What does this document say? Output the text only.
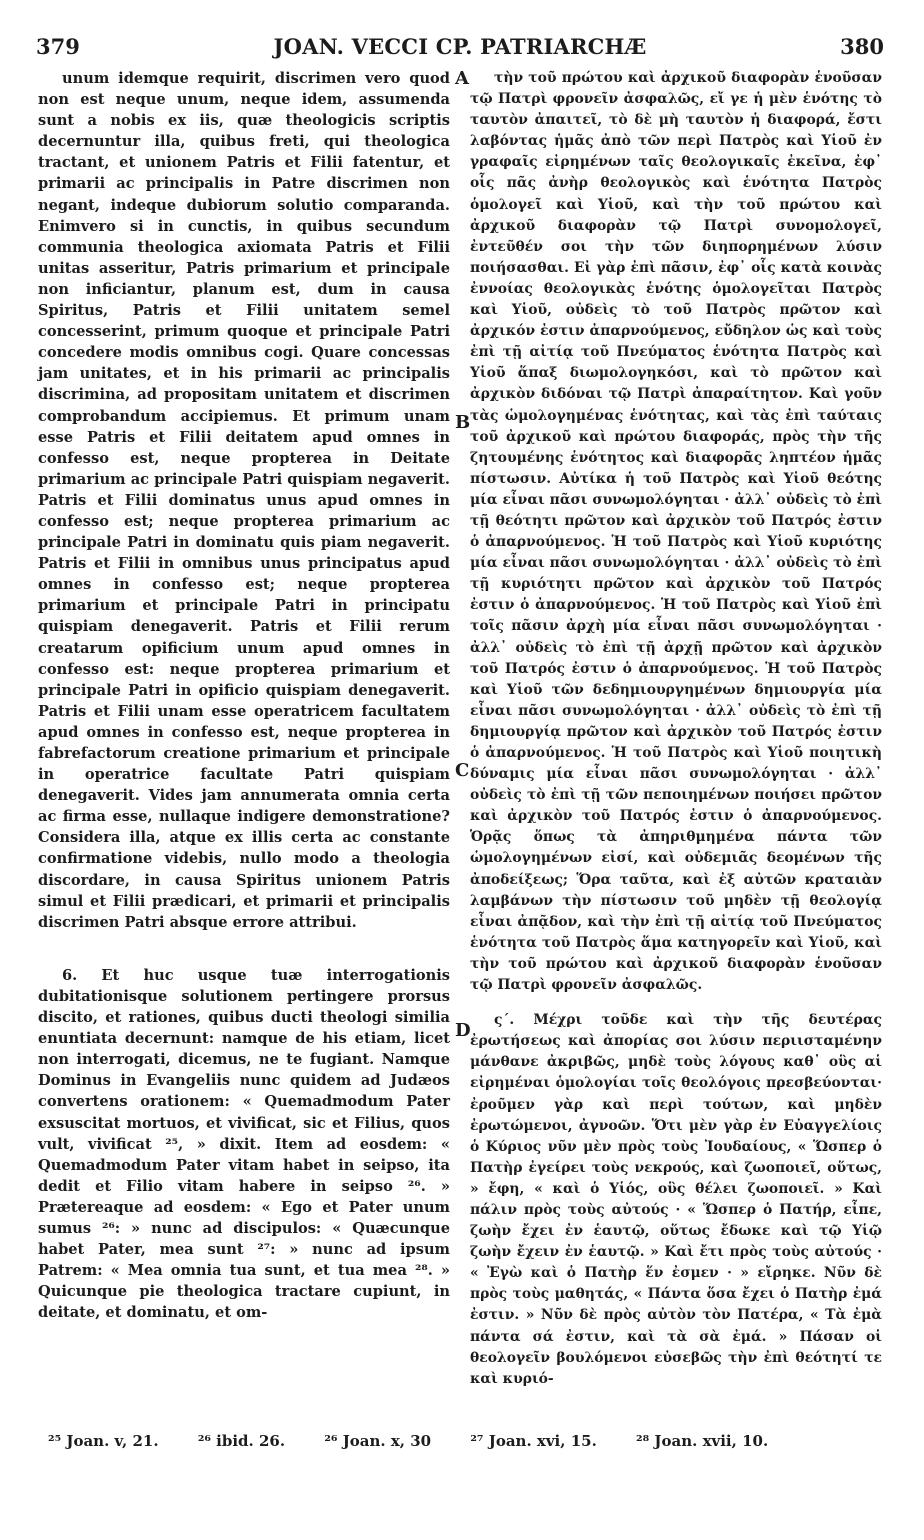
379	JOAN. VECCI CP. PATRIARCHÆ	380

unum idemque requirit, discrimen vero quod non est neque unum, neque idem, assumenda sunt a nobis ex iis, quæ theologicis scriptis decernuntur illa, quibus freti, qui theologica tractant, et unionem Patris et Filii fatentur, et primarii ac principalis in Patre discrimen non negant, indeque dubiorum solutio comparanda. Enimvero si in cunctis, in quibus secundum communia theologica axiomata Patris et Filii unitas asseritur, Patris primarium et principale non inficiantur, planum est, dum in causa Spiritus, Patris et Filii unitatem semel concesserint, primum quoque et principale Patri concedere modis omnibus cogi. Quare concessas jam unitates, et in his primarii ac principalis discrimina, ad propositam unitatem et discrimen comprobandum accipiemus. Et primum unam esse Patris et Filii deitatem apud omnes in confesso est, neque propterea in Deitate primarium ac principale Patri quispiam negaverit. Patris et Filii dominatus unus apud omnes in confesso est; neque propterea primarium ac principale Patri in dominatu quis piam negaverit. Patris et Filii in omnibus unus principatus apud omnes in confesso est; neque propterea primarium et principale Patri in principatu quispiam denegaverit. Patris et Filii rerum creatarum opificium unum apud omnes in confesso est: neque propterea primarium et principale Patri in opificio quispiam denegaverit. Patris et Filii unam esse operatricem facultatem apud omnes in confesso est, neque propterea in fabrefactorum creatione primarium et principale in operatrice facultate Patri quispiam denegaverit. Vides jam annumerata omnia certa ac firma esse, nullaque indigere demonstratione? Considera illa, atque ex illis certa ac constante confirmatione videbis, nullo modo a theologia discordare, in causa Spiritus unionem Patris simul et Filii prædicari, et primarii et principalis discrimen Patri absque errore attribui.

6. Et huc usque tuæ interrogationis dubitationisque solutionem pertingere prorsus discito, et rationes, quibus ducti theologi similia enuntiata decernunt: namque de his etiam, licet non interrogati, dicemus, ne te fugiant. Namque Dominus in Evangeliis nunc quidem ad Judæos convertens orationem: « Quemadmodum Pater exsuscitat mortuos, et vivificat, sic et Filius, quos vult, vivificat ²⁵, » dixit. Item ad eosdem: « Quemadmodum Pater vitam habet in seipso, ita dedit et Filio vitam habere in seipso ²⁶. » Prætereaque ad eosdem: « Ego et Pater unum sumus ²⁶: » nunc ad discipulos: « Quæcunque habet Pater, mea sunt ²⁷: » nunc ad ipsum Patrem: « Mea omnia tua sunt, et tua mea ²⁸. » Quicunque pie theologica tractare cupiunt, in deitate, et dominatu, et om-

A
B
C
D

τὴν τοῦ πρώτου καὶ ἀρχικοῦ διαφορὰν ἑνοῦσαν τῷ Πατρὶ φρονεῖν ἀσφαλῶς, εἴ γε ἡ μὲν ἑνότης τὸ ταυτὸν ἀπαιτεῖ, τὸ δὲ μὴ ταυτὸν ἡ διαφορά, ἔστι λαβόντας ἡμᾶς ἀπὸ τῶν περὶ Πατρὸς καὶ Υἱοῦ ἐν γραφαῖς εἰρημένων ταῖς θεολογικαῖς ἐκεῖνα, ἐφ᾽ οἷς πᾶς ἀνὴρ θεολογικὸς καὶ ἑνότητα Πατρὸς ὁμολογεῖ καὶ Υἱοῦ, καὶ τὴν τοῦ πρώτου καὶ ἀρχικοῦ διαφορὰν τῷ Πατρὶ συνομολογεῖ, ἐντεῦθέν σοι τὴν τῶν διηπορημένων λύσιν ποιήσασθαι. Εἰ γὰρ ἐπὶ πᾶσιν, ἐφ᾽ οἷς κατὰ κοινὰς ἐννοίας θεολογικὰς ἑνότης ὁμολογεῖται Πατρὸς καὶ Υἱοῦ, οὐδεὶς τὸ τοῦ Πατρὸς πρῶτον καὶ ἀρχικόν ἐστιν ἀπαρνούμενος, εὔδηλον ὡς καὶ τοὺς ἐπὶ τῇ αἰτίᾳ τοῦ Πνεύματος ἑνότητα Πατρὸς καὶ Υἱοῦ ἅπαξ διωμολογηκόσι, καὶ τὸ πρῶτον καὶ ἀρχικὸν διδόναι τῷ Πατρὶ ἀπαραίτητον. Καὶ γοῦν τὰς ὡμολογημένας ἑνότητας, καὶ τὰς ἐπὶ ταύταις τοῦ ἀρχικοῦ καὶ πρώτου διαφοράς, πρὸς τὴν τῆς ζητουμένης ἑνότητος καὶ διαφορᾶς ληπτέον ἡμᾶς πίστωσιν. Αὐτίκα ἡ τοῦ Πατρὸς καὶ Υἱοῦ θεότης μία εἶναι πᾶσι συνωμολόγηται · ἀλλ᾽ οὐδεὶς τὸ ἐπὶ τῇ θεότητι πρῶτον καὶ ἀρχικὸν τοῦ Πατρός ἐστιν ὁ ἀπαρνούμενος. Ἡ τοῦ Πατρὸς καὶ Υἱοῦ κυριότης μία εἶναι πᾶσι συνωμολόγηται · ἀλλ᾽ οὐδεὶς τὸ ἐπὶ τῇ κυριότητι πρῶτον καὶ ἀρχικὸν τοῦ Πατρός ἐστιν ὁ ἀπαρνούμενος. Ἡ τοῦ Πατρὸς καὶ Υἱοῦ ἐπὶ τοῖς πᾶσιν ἀρχὴ μία εἶναι πᾶσι συνωμολόγηται · ἀλλ᾽ οὐδεὶς τὸ ἐπὶ τῇ ἀρχῇ πρῶτον καὶ ἀρχικὸν τοῦ Πατρός ἐστιν ὁ ἀπαρνούμενος. Ἡ τοῦ Πατρὸς καὶ Υἱοῦ τῶν δεδημιουργημένων δημιουργία μία εἶναι πᾶσι συνωμολόγηται · ἀλλ᾽ οὐδεὶς τὸ ἐπὶ τῇ δημιουργίᾳ πρῶτον καὶ ἀρχικὸν τοῦ Πατρός ἐστιν ὁ ἀπαρνούμενος. Ἡ τοῦ Πατρὸς καὶ Υἱοῦ ποιητικὴ δύναμις μία εἶναι πᾶσι συνωμολόγηται · ἀλλ᾽ οὐδεὶς τὸ ἐπὶ τῇ τῶν πεποιημένων ποιήσει πρῶτον καὶ ἀρχικὸν τοῦ Πατρός ἐστιν ὁ ἀπαρνούμενος. Ὁρᾷς ὅπως τὰ ἀπηριθμημένα πάντα τῶν ὡμολογημένων εἰσί, καὶ οὐδεμιᾶς δεομένων τῆς ἀποδείξεως; Ὅρα ταῦτα, καὶ ἐξ αὐτῶν κραταιὰν λαμβάνων τὴν πίστωσιν τοῦ μηδὲν τῇ θεολογίᾳ εἶναι ἀπᾷδον, καὶ τὴν ἐπὶ τῇ αἰτίᾳ τοῦ Πνεύματος ἑνότητα τοῦ Πατρὸς ἅμα κατηγορεῖν καὶ Υἱοῦ, καὶ τὴν τοῦ πρώτου καὶ ἀρχικοῦ διαφορὰν ἑνοῦσαν τῷ Πατρὶ φρονεῖν ἀσφαλῶς.

ς΄. Μέχρι τοῦδε καὶ τὴν τῆς δευτέρας ἐρωτήσεως καὶ ἀπορίας σοι λύσιν περιισταμένην μάνθανε ἀκριβῶς, μηδὲ τοὺς λόγους καθ᾽ οὓς αἱ εἰρημέναι ὁμολογίαι τοῖς θεολόγοις πρεσβεύονται· ἐροῦμεν γὰρ καὶ περὶ τούτων, καὶ μηδὲν ἐρωτώμενοι, ἀγνοῶν. Ὅτι μὲν γὰρ ἐν Εὐαγγελίοις ὁ Κύριος νῦν μὲν πρὸς τοὺς Ἰουδαίους, « Ὥσπερ ὁ Πατὴρ ἐγείρει τοὺς νεκρούς, καὶ ζωοποιεῖ, οὕτως, » ἔφη, « καὶ ὁ Υἱός, οὓς θέλει ζωοποιεῖ. » Καὶ πάλιν πρὸς τοὺς αὐτούς · « Ὥσπερ ὁ Πατήρ, εἶπε, ζωὴν ἔχει ἐν ἑαυτῷ, οὕτως ἔδωκε καὶ τῷ Υἱῷ ζωὴν ἔχειν ἐν ἑαυτῷ. » Καὶ ἔτι πρὸς τοὺς αὐτούς · « Ἐγὼ καὶ ὁ Πατὴρ ἕν ἐσμεν · » εἴρηκε. Νῦν δὲ πρὸς τοὺς μαθητάς, « Πάντα ὅσα ἔχει ὁ Πατὴρ ἐμά ἐστιν. » Νῦν δὲ πρὸς αὐτὸν τὸν Πατέρα, « Τὰ ἐμὰ πάντα σά ἐστιν, καὶ τὰ σὰ ἐμά. » Πάσαν οἱ θεολογεῖν βουλόμενοι εὐσεβῶς τὴν ἐπὶ θεότητί τε καὶ κυριό-

²⁵ Joan. v, 21.	²⁶ ibid. 26.	²⁶ Joan. x, 30	²⁷ Joan. xvi, 15.	²⁸ Joan. xvii, 10.
